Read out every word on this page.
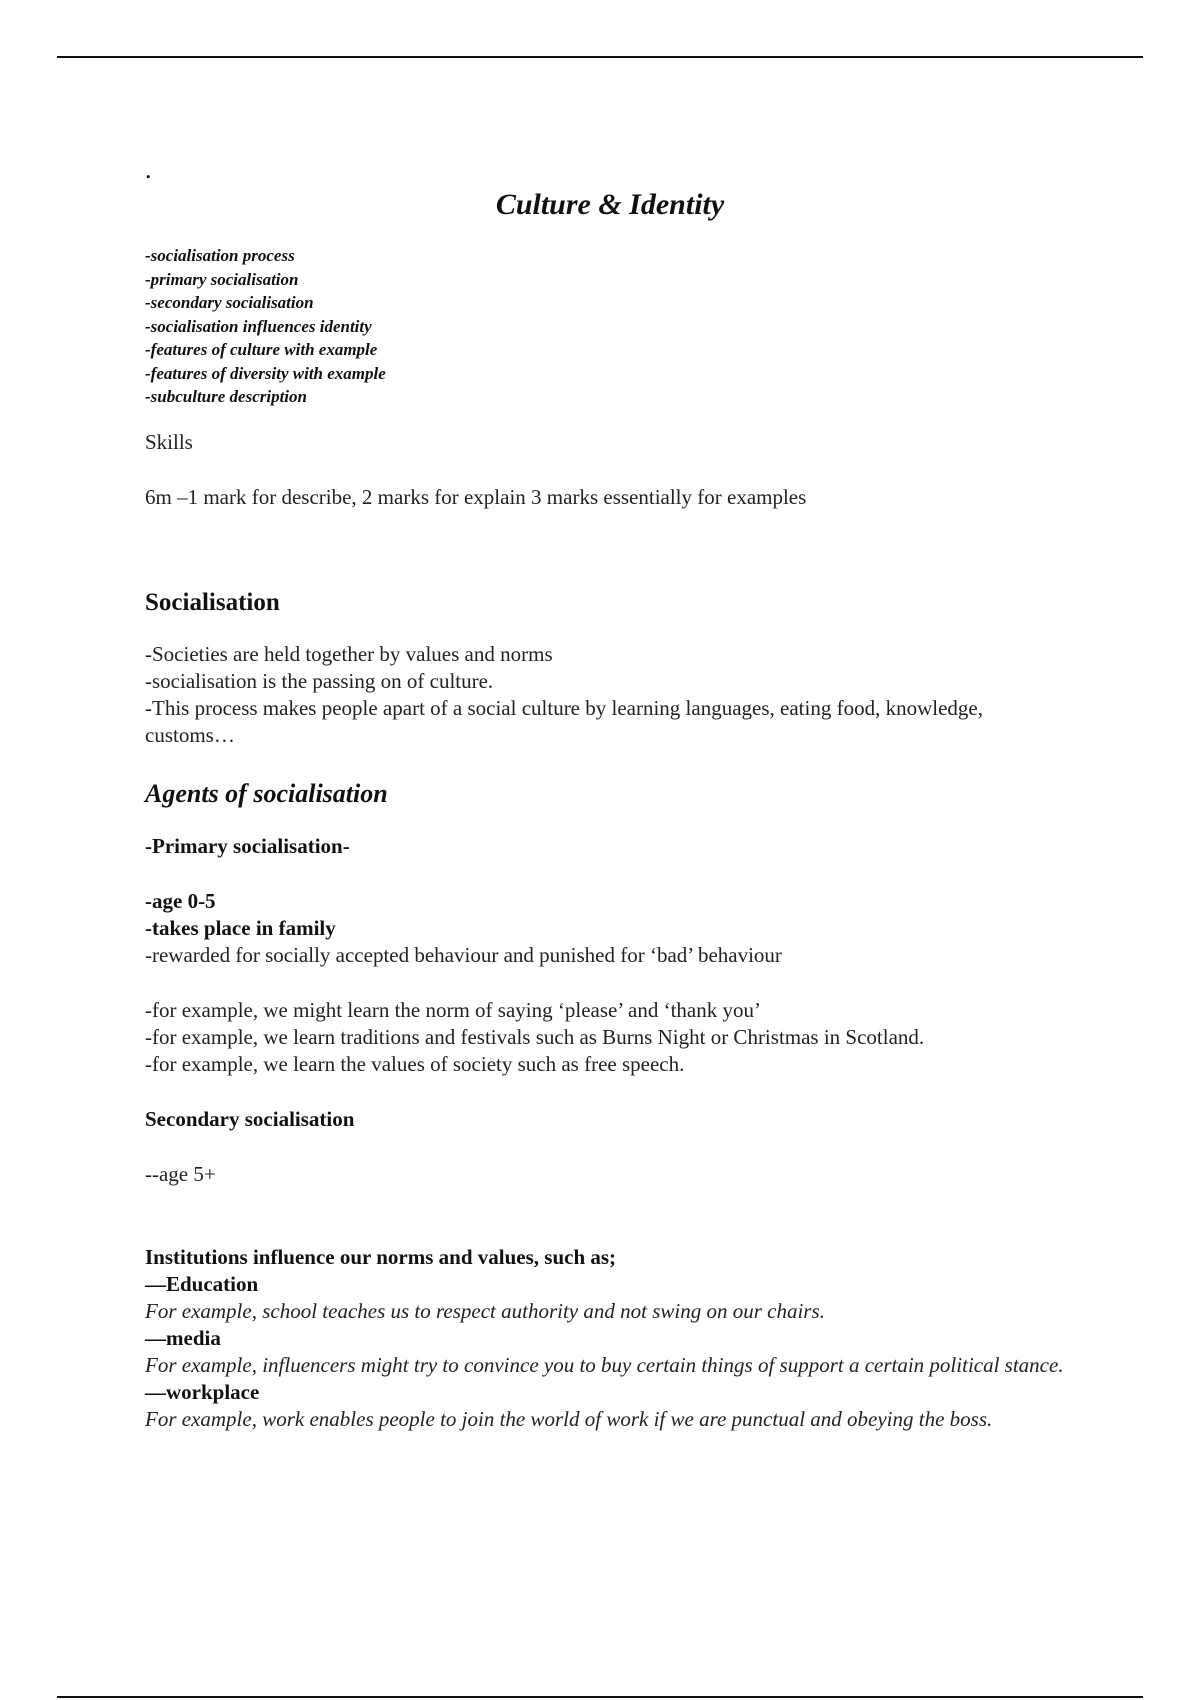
.

Culture & Identity
-socialisation process
-primary socialisation
-secondary socialisation
-socialisation influences identity
-features of culture with example
-features of diversity with example
-subculture description

Skills

6m –1 mark for describe, 2 marks for explain 3 marks essentially for examples

Socialisation

-Societies are held together by values and norms

-socialisation is the passing on of culture.

-This process makes people apart of a social culture by learning languages, eating food, knowledge, customs…

Agents of socialisation

-Primary socialisation-

-age 0-5

-takes place in family

-rewarded for socially accepted behaviour and punished for ‘bad’ behaviour

-for example, we might learn the norm of saying ‘please’ and ‘thank you’

-for example, we learn traditions and festivals such as Burns Night or Christmas in Scotland.

-for example, we learn the values of society such as free speech.

Secondary socialisation

--age 5+

Institutions influence our norms and values, such as;

—Education

For example, school teaches us to respect authority and not swing on our chairs.

—media

For example, influencers might try to convince you to buy certain things of support a certain political stance.

—workplace

For example, work enables people to join the world of work if we are punctual and obeying the boss.
